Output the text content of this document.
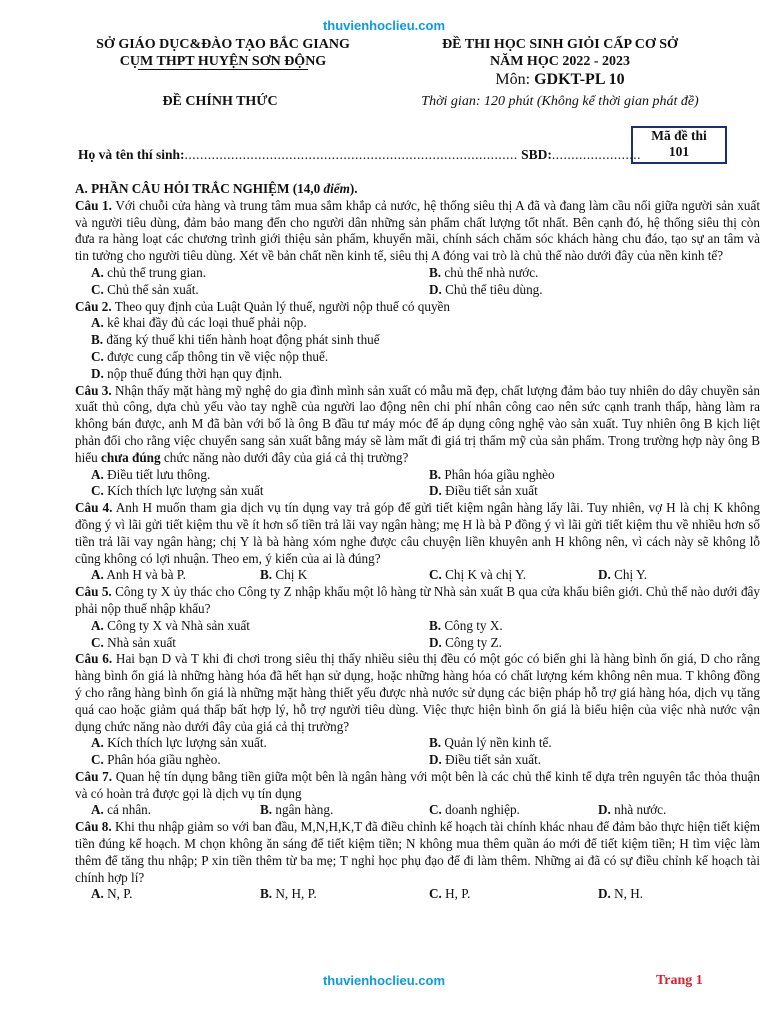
thuvienhoclieu.com
SỞ GIÁO DỤC&ĐÀO TẠO BẮC GIANG
CỤM THPT HUYỆN SƠN ĐỘNG
ĐỀ THI HỌC SINH GIỎI CẤP CƠ SỞ
NĂM HỌC 2022 - 2023
Môn: GDKT-PL 10
ĐỀ CHÍNH THỨC	Thời gian: 120 phút (Không kể thời gian phát đề)
Mã đề thi
101
Họ và tên thí sinh:...................................................................................... SBD:.......................

A. PHẦN CÂU HỎI TRẮC NGHIỆM (14,0 điểm).

Câu 1. Với chuỗi cửa hàng và trung tâm mua sắm khắp cả nước, hệ thống siêu thị A đã và đang làm cầu nối giữa người sản xuất và người tiêu dùng, đảm bảo mang đến cho người dân những sản phẩm chất lượng tốt nhất. Bên cạnh đó, hệ thống siêu thị còn đưa ra hàng loạt các chương trình giới thiệu sản phẩm, khuyến mãi, chính sách chăm sóc khách hàng chu đáo, tạo sự an tâm và tin tưởng cho người tiêu dùng. Xét về bản chất nền kinh tế, siêu thị A đóng vai trò là chủ thể nào dưới đây của nền kinh tế?

A. chủ thể trung gian.	B. chủ thể nhà nước.
C. Chủ thể sản xuất.	D. Chủ thể tiêu dùng.

Câu 2. Theo quy định của Luật Quản lý thuế, người nộp thuế có quyền

A. kê khai đầy đủ các loại thuế phải nộp.
B. đăng ký thuế khi tiến hành hoạt động phát sinh thuế
C. được cung cấp thông tin về việc nộp thuế.
D. nộp thuế đúng thời hạn quy định.

Câu 3. Nhận thấy mặt hàng mỹ nghệ do gia đình mình sản xuất có mẫu mã đẹp, chất lượng đảm bảo tuy nhiên do dây chuyền sản xuất thủ công, dựa chủ yếu vào tay nghề của người lao động nên chi phí nhân công cao nên sức cạnh tranh thấp, hàng làm ra không bán được, anh M đã bàn với bố là ông B đầu tư máy móc để áp dụng công nghệ vào sản xuất. Tuy nhiên ông B kịch liệt phản đối cho rằng việc chuyển sang sản xuất bằng máy sẽ làm mất đi giá trị thẩm mỹ của sản phẩm. Trong trường hợp này ông B hiểu chưa đúng chức năng nào dưới đây của giá cả thị trường?

A. Điều tiết lưu thông.	B. Phân hóa giầu nghèo
C. Kích thích lực lượng sản xuất	D. Điều tiết sản xuất

Câu 4. Anh H muốn tham gia dịch vụ tín dụng vay trả góp để gửi tiết kiệm ngân hàng lấy lãi. Tuy nhiên, vợ H là chị K không đồng ý vì lãi gửi tiết kiệm thu về ít hơn số tiền trả lãi vay ngân hàng; mẹ H là bà P đồng ý vì lãi gửi tiết kiệm thu về nhiều hơn số tiền trả lãi vay ngân hàng; chị Y là bà hàng xóm nghe được câu chuyện liền khuyên anh H không nên, vì cách này sẽ không lỗ cũng không có lợi nhuận. Theo em, ý kiến của ai là đúng?

A. Anh H và bà P.	B. Chị K	C. Chị K và chị Y.	D. Chị Y.

Câu 5. Công ty X ủy thác cho Công ty Z nhập khẩu một lô hàng từ Nhà sản xuất B qua cửa khẩu biên giới. Chủ thể nào dưới đây phải nộp thuế nhập khẩu?

A. Công ty X và Nhà sản xuất	B. Công ty X.
C. Nhà sản xuất	D. Công ty Z.

Câu 6. Hai bạn D và T khi đi chơi trong siêu thị thấy nhiều siêu thị đều có một góc có biển ghi là hàng bình ổn giá, D cho rằng hàng bình ổn giá là những hàng hóa đã hết hạn sử dụng, hoặc những hàng hóa có chất lượng kém không nên mua. T không đồng ý cho rằng hàng bình ổn giá là những mặt hàng thiết yếu được nhà nước sử dụng các biện pháp hỗ trợ giá hàng hóa, dịch vụ tăng quá cao hoặc giảm quá thấp bất hợp lý, hỗ trợ người tiêu dùng. Việc thực hiện bình ổn giá là biểu hiện của việc nhà nước vận dụng chức năng nào dưới đây của giá cả thị trường?

A. Kích thích lực lượng sản xuất.	B. Quản lý nền kinh tế.
C. Phân hóa giầu nghèo.	D. Điều tiết sản xuất.

Câu 7. Quan hệ tín dụng bằng tiền giữa một bên là ngân hàng với một bên là các chủ thể kinh tế dựa trên nguyên tắc thỏa thuận và có hoàn trả được gọi là dịch vụ tín dụng

A. cá nhân.	B. ngân hàng.	C. doanh nghiệp.	D. nhà nước.

Câu 8. Khi thu nhập giảm so với ban đầu, M,N,H,K,T đã điều chỉnh kế hoạch tài chính khác nhau để đảm bảo thực hiện tiết kiệm tiền đúng kế hoạch. M chọn không ăn sáng để tiết kiệm tiền; N không mua thêm quần áo mới để tiết kiệm tiền; H tìm việc làm thêm để tăng thu nhập; P xin tiền thêm từ ba mẹ; T nghỉ học phụ đạo để đi làm thêm. Những ai đã có sự điều chỉnh kế hoạch tài chính hợp lí?

A. N, P.	B. N, H, P.	C. H, P.	D. N, H.
thuvienhoclieu.com	Trang 1
